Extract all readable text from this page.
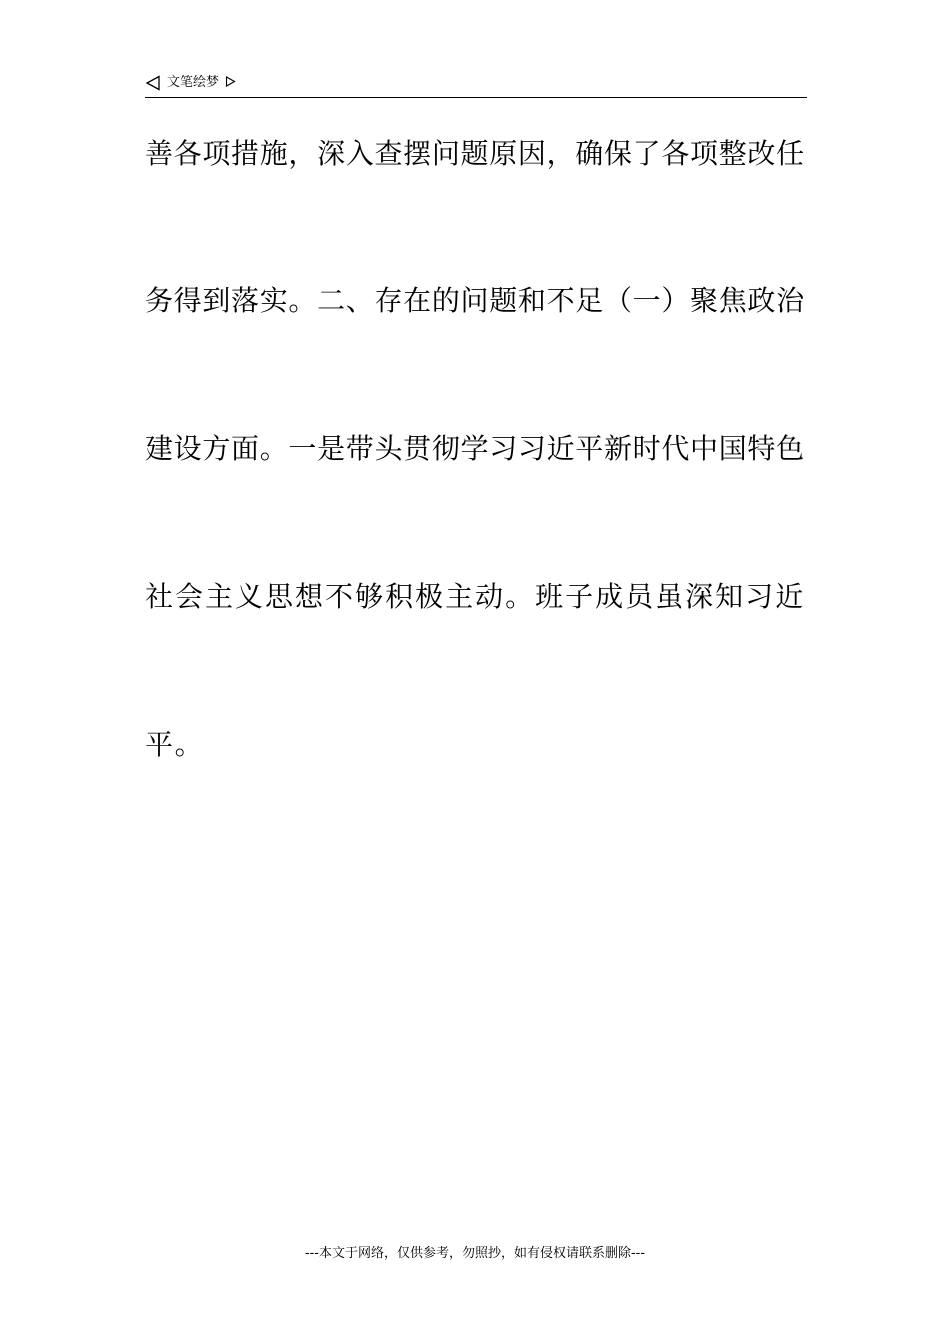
文笔绘梦
善各项措施，深入查摆问题原因，确保了各项整改任
务得到落实。二、存在的问题和不足（一）聚焦政治
建设方面。一是带头贯彻学习习近平新时代中国特色
社会主义思想不够积极主动。班子成员虽深知习近
平。
---本文于网络，仅供参考，勿照抄，如有侵权请联系删除---
